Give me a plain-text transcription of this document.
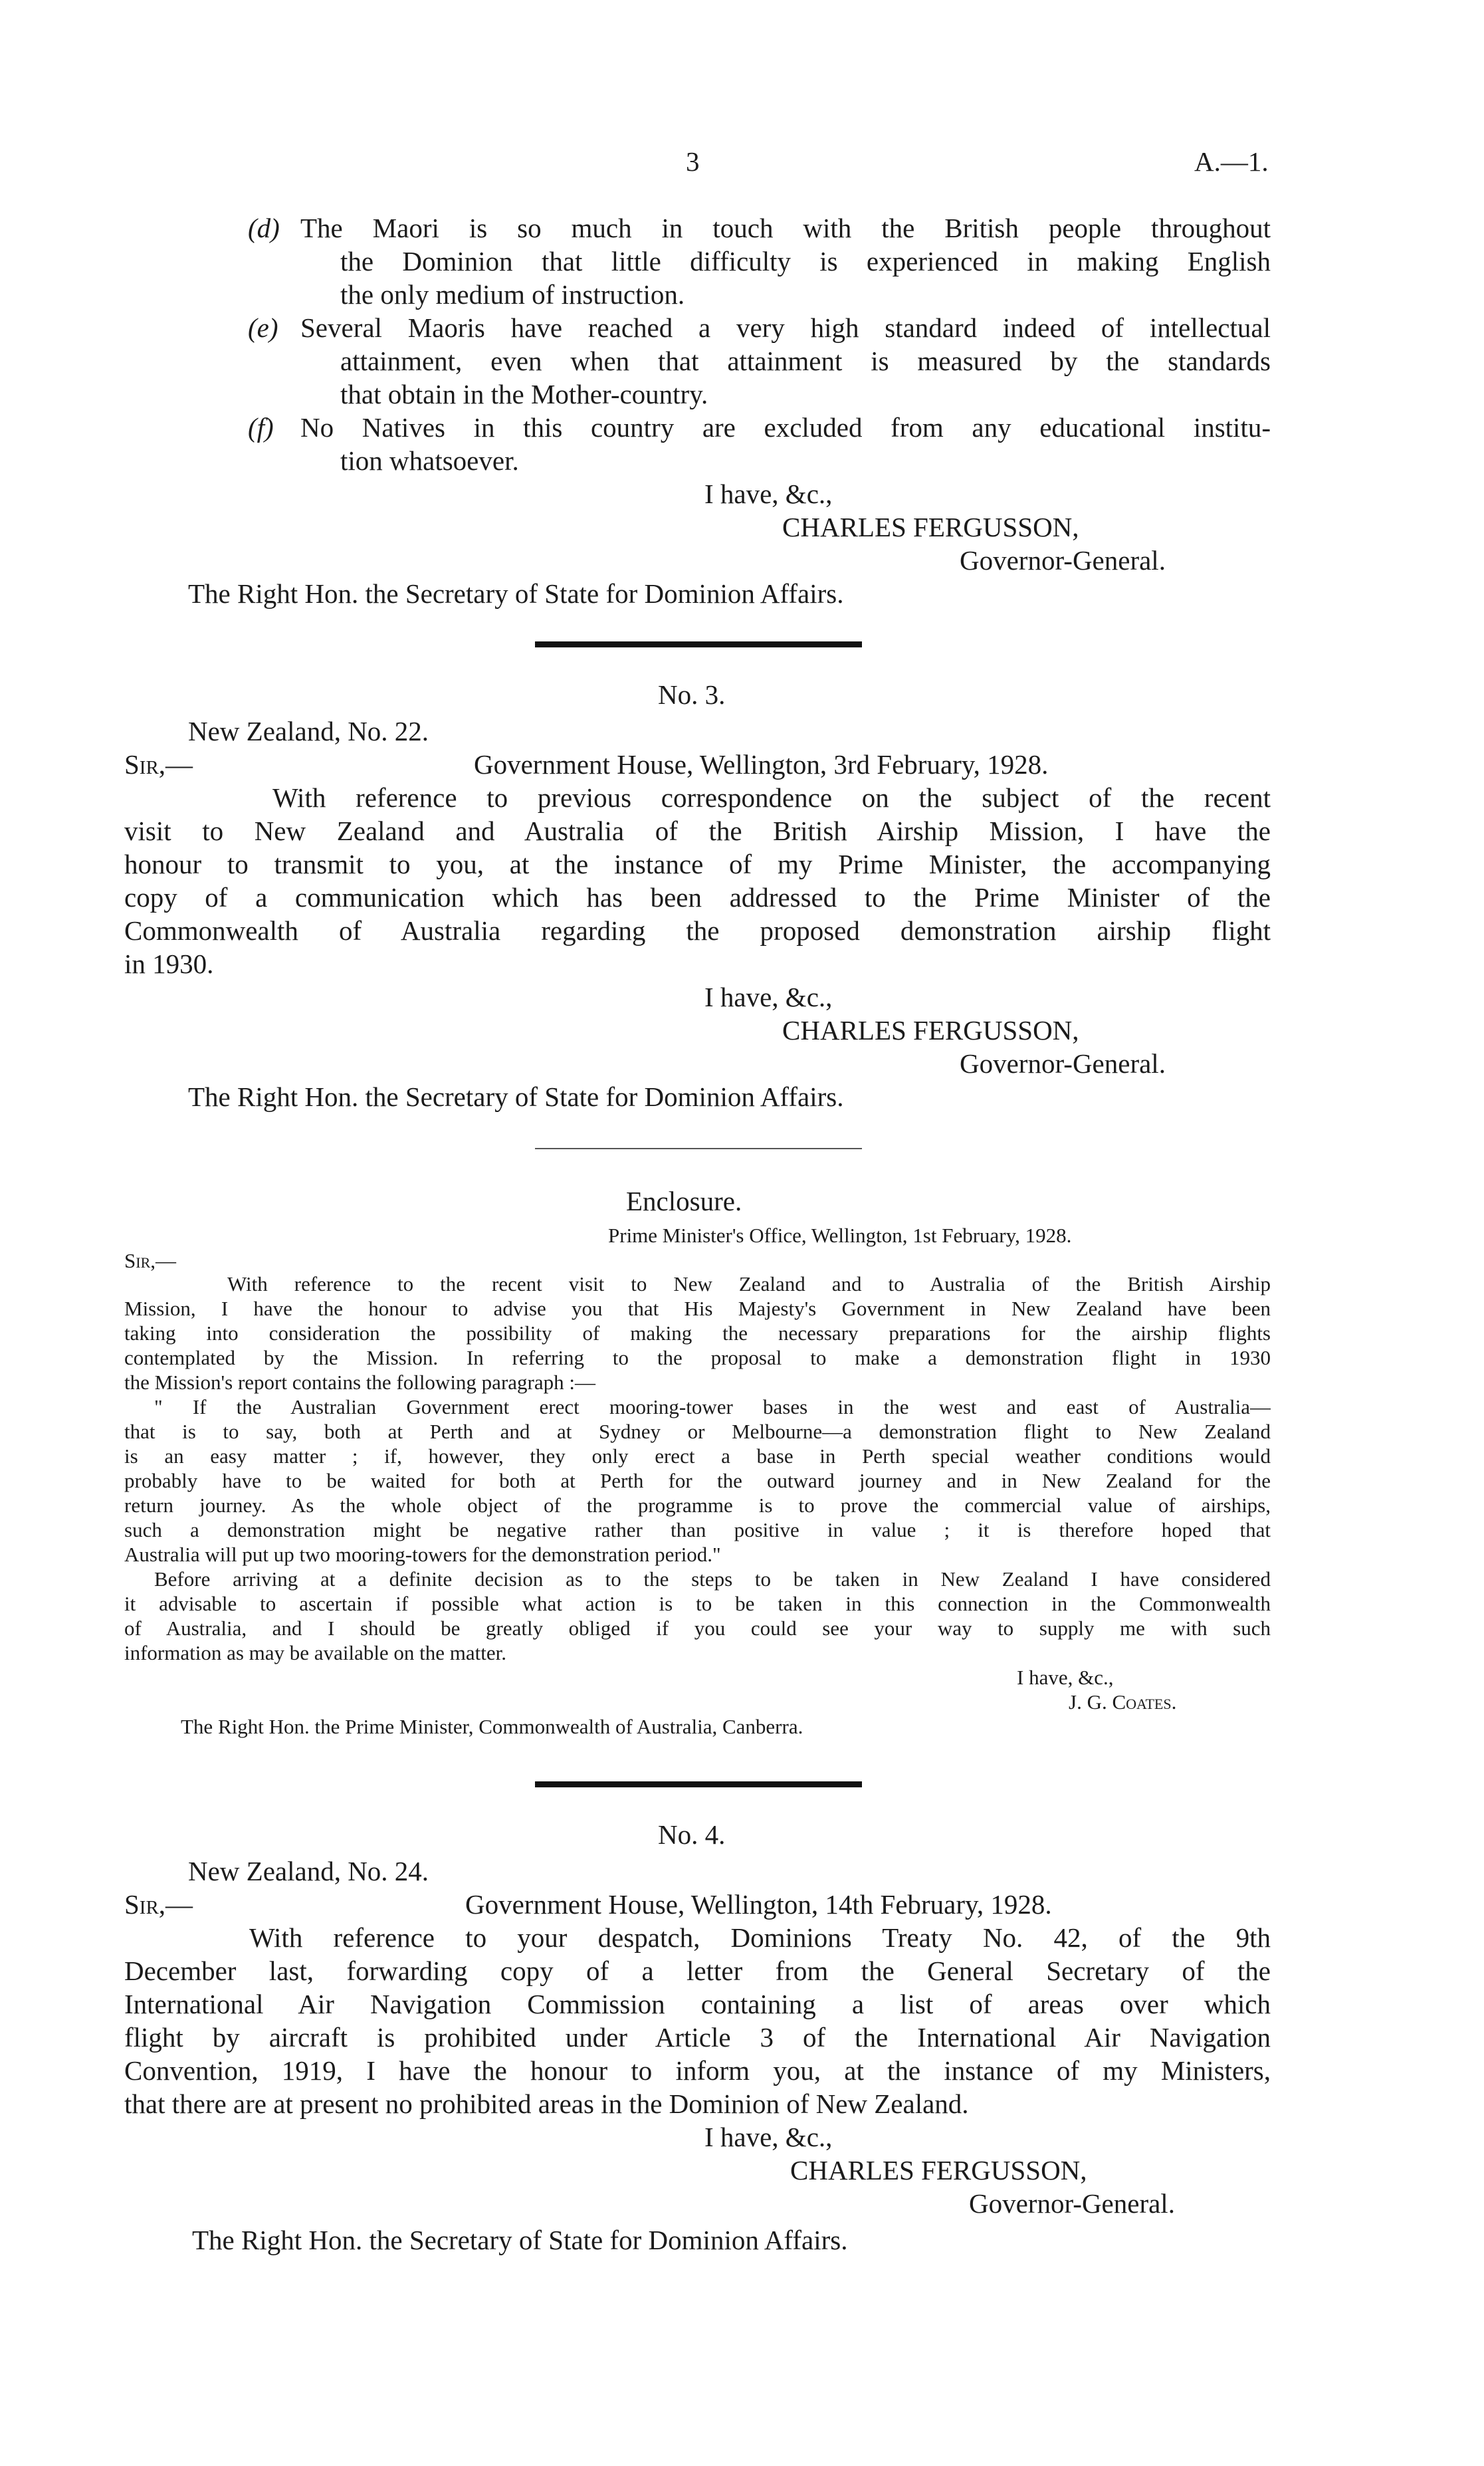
3	A.—1.
(d) The Maori is so much in touch with the British people throughout
the Dominion that little difficulty is experienced in making English
the only medium of instruction.
(e) Several Maoris have reached a very high standard indeed of intellectual
attainment, even when that attainment is measured by the standards
that obtain in the Mother-country.
(f) No Natives in this country are excluded from any educational institu-
tion whatsoever.
I have, &c.,
CHARLES FERGUSSON,
Governor-General.
The Right Hon. the Secretary of State for Dominion Affairs.
No. 3.
New Zealand, No. 22.
Sir,—	Government House, Wellington, 3rd February, 1928.
With reference to previous correspondence on the subject of the recent
visit to New Zealand and Australia of the British Airship Mission, I have the
honour to transmit to you, at the instance of my Prime Minister, the accompanying
copy of a communication which has been addressed to the Prime Minister of the
Commonwealth of Australia regarding the proposed demonstration airship flight
in 1930.
I have, &c.,
CHARLES FERGUSSON,
Governor-General.
The Right Hon. the Secretary of State for Dominion Affairs.
Enclosure.
Prime Minister's Office, Wellington, 1st February, 1928.
Sir,—
With reference to the recent visit to New Zealand and to Australia of the British Airship
Mission, I have the honour to advise you that His Majesty's Government in New Zealand have been
taking into consideration the possibility of making the necessary preparations for the airship flights
contemplated by the Mission. In referring to the proposal to make a demonstration flight in 1930
the Mission's report contains the following paragraph :—
" If the Australian Government erect mooring-tower bases in the west and east of Australia—
that is to say, both at Perth and at Sydney or Melbourne—a demonstration flight to New Zealand
is an easy matter ; if, however, they only erect a base in Perth special weather conditions would
probably have to be waited for both at Perth for the outward journey and in New Zealand for the
return journey. As the whole object of the programme is to prove the commercial value of airships,
such a demonstration might be negative rather than positive in value ; it is therefore hoped that
Australia will put up two mooring-towers for the demonstration period."
Before arriving at a definite decision as to the steps to be taken in New Zealand I have considered
it advisable to ascertain if possible what action is to be taken in this connection in the Commonwealth
of Australia, and I should be greatly obliged if you could see your way to supply me with such
information as may be available on the matter.
I have, &c.,
J. G. Coates.
The Right Hon. the Prime Minister, Commonwealth of Australia, Canberra.
No. 4.
New Zealand, No. 24.
Sir,—	Government House, Wellington, 14th February, 1928.
With reference to your despatch, Dominions Treaty No. 42, of the 9th
December last, forwarding copy of a letter from the General Secretary of the
International Air Navigation Commission containing a list of areas over which
flight by aircraft is prohibited under Article 3 of the International Air Navigation
Convention, 1919, I have the honour to inform you, at the instance of my Ministers,
that there are at present no prohibited areas in the Dominion of New Zealand.
I have, &c.,
CHARLES FERGUSSON,
Governor-General.
The Right Hon. the Secretary of State for Dominion Affairs.
